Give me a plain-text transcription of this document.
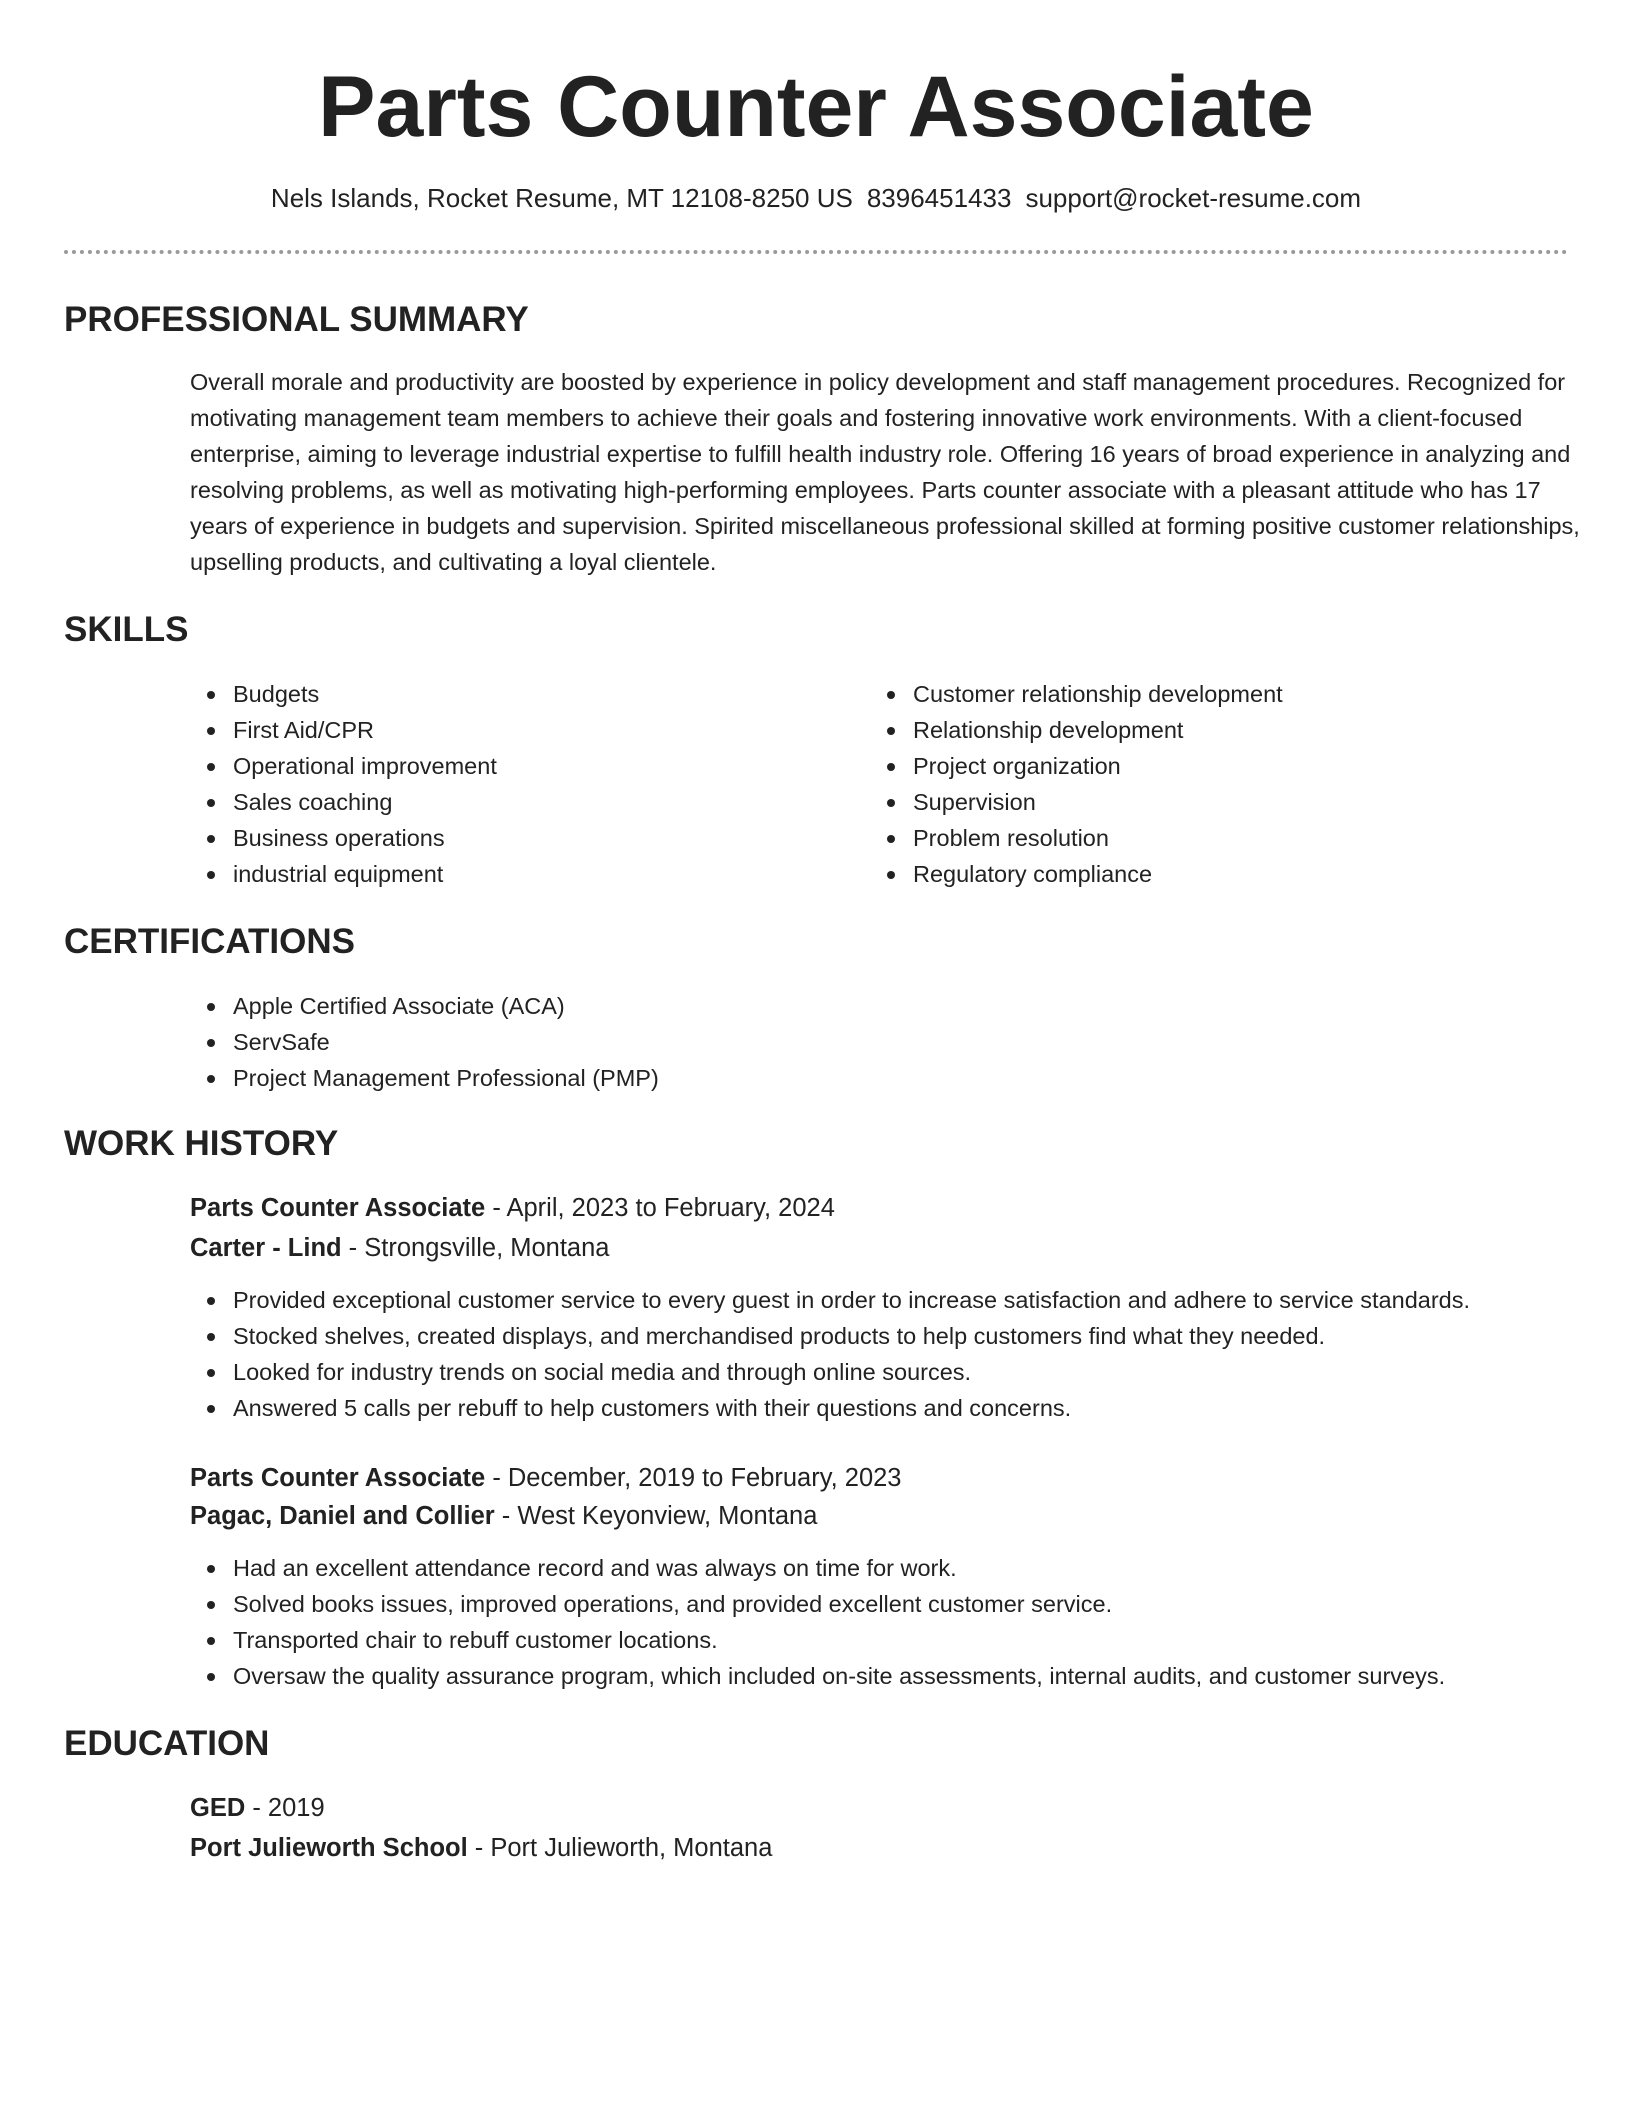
Parts Counter Associate
Nels Islands, Rocket Resume, MT 12108-8250 US 8396451433 support@rocket-resume.com
PROFESSIONAL SUMMARY

Overall morale and productivity are boosted by experience in policy development and staff management procedures. Recognized for motivating management team members to achieve their goals and fostering innovative work environments. With a client-focused enterprise, aiming to leverage industrial expertise to fulfill health industry role. Offering 16 years of broad experience in analyzing and resolving problems, as well as motivating high-performing employees. Parts counter associate with a pleasant attitude who has 17 years of experience in budgets and supervision. Spirited miscellaneous professional skilled at forming positive customer relationships, upselling products, and cultivating a loyal clientele.

SKILLS
Budgets
First Aid/CPR
Operational improvement
Sales coaching
Business operations
industrial equipment
Customer relationship development
Relationship development
Project organization
Supervision
Problem resolution
Regulatory compliance
CERTIFICATIONS
Apple Certified Associate (ACA)
ServSafe
Project Management Professional (PMP)
WORK HISTORY
Parts Counter Associate - April, 2023 to February, 2024
Carter - Lind - Strongsville, Montana
Provided exceptional customer service to every guest in order to increase satisfaction and adhere to service standards.
Stocked shelves, created displays, and merchandised products to help customers find what they needed.
Looked for industry trends on social media and through online sources.
Answered 5 calls per rebuff to help customers with their questions and concerns.
Parts Counter Associate - December, 2019 to February, 2023
Pagac, Daniel and Collier - West Keyonview, Montana
Had an excellent attendance record and was always on time for work.
Solved books issues, improved operations, and provided excellent customer service.
Transported chair to rebuff customer locations.
Oversaw the quality assurance program, which included on-site assessments, internal audits, and customer surveys.
EDUCATION
GED - 2019
Port Julieworth School - Port Julieworth, Montana
